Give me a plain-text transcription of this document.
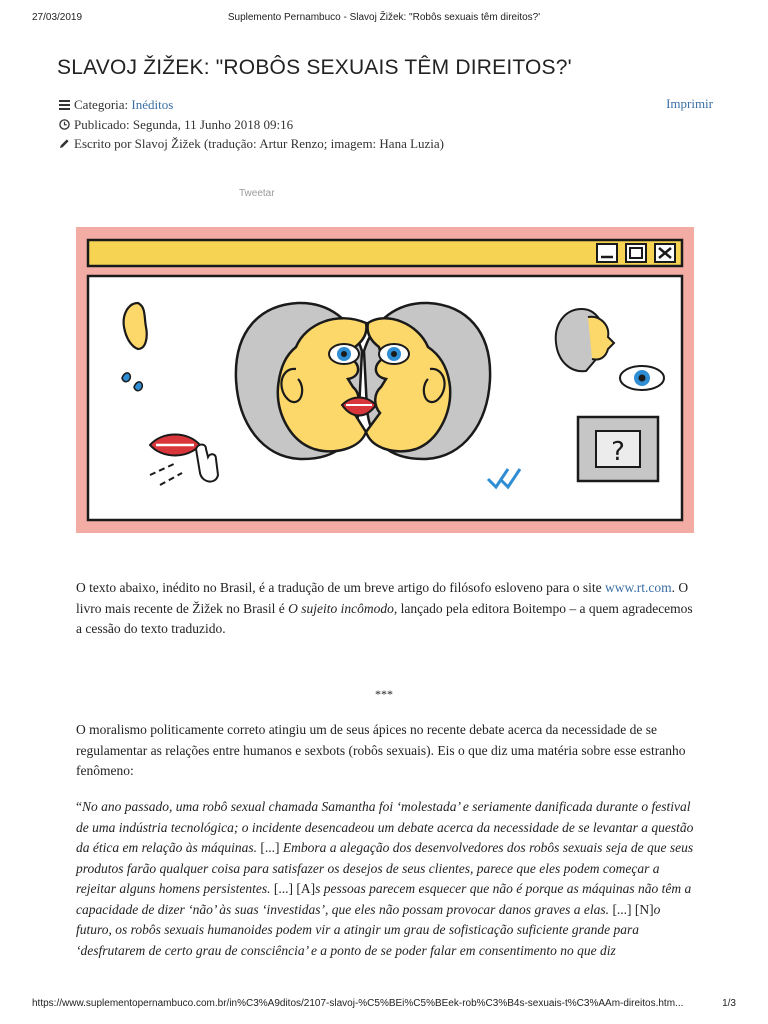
27/03/2019	Suplemento Pernambuco - Slavoj Žižek: "Robôs sexuais têm direitos?'
SLAVOJ ŽIŽEK: "ROBÔS SEXUAIS TÊM DIREITOS?'
Categoria:
Inéditos
Publicado: Segunda, 11 Junho 2018 09:16
Escrito por Slavoj Žižek (tradução: Artur Renzo; imagem: Hana Luzia)
Imprimir
Tweetar
?

O texto abaixo, inédito no Brasil, é a tradução de um breve artigo do filósofo esloveno para o site www.rt.com. O livro mais recente de Žižek no Brasil é O sujeito incômodo, lançado pela editora Boitempo – a quem agradecemos a cessão do texto traduzido.

***

O moralismo politicamente correto atingiu um de seus ápices no recente debate acerca da necessidade de se regulamentar as relações entre humanos e sexbots (robôs sexuais). Eis o que diz uma matéria sobre esse estranho fenômeno:

“No ano passado, uma robô sexual chamada Samantha foi ‘molestada’ e seriamente danificada durante o festival de uma indústria tecnológica; o incidente desencadeou um debate acerca da necessidade de se levantar a questão da ética em relação às máquinas. [...] Embora a alegação dos desenvolvedores dos robôs sexuais seja de que seus produtos farão qualquer coisa para satisfazer os desejos de seus clientes, parece que eles podem começar a rejeitar alguns homens persistentes. [...] [A]s pessoas parecem esquecer que não é porque as máquinas não têm a capacidade de dizer ‘não’ às suas ‘investidas’, que eles não possam provocar danos graves a elas. [...] [N]o futuro, os robôs sexuais humanoides podem vir a atingir um grau de sofisticação suficiente grande para ‘desfrutarem de certo grau de consciência’ e a ponto de se poder falar em consentimento no que diz

https://www.suplementopernambuco.com.br/in%C3%A9ditos/2107-slavoj-%C5%BEi%C5%BEek-rob%C3%B4s-sexuais-t%C3%AAm-direitos.htm...	1/3
